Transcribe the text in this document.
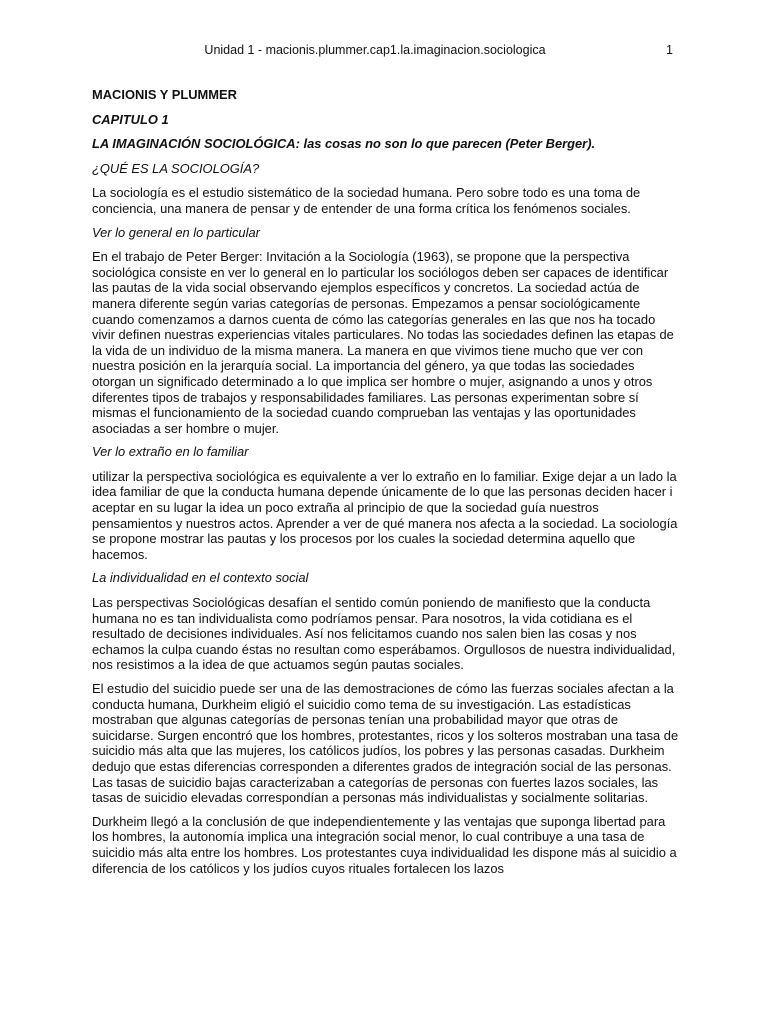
Unidad 1 - macionis.plummer.cap1.la.imaginacion.sociologica	1

MACIONIS Y PLUMMER

CAPITULO 1

LA IMAGINACIÓN SOCIOLÓGICA: las cosas no son lo que parecen (Peter Berger).

¿QUÉ ES LA SOCIOLOGÍA?

La sociología es el estudio sistemático de la sociedad humana. Pero sobre todo es una toma de conciencia, una manera de pensar y de entender de una forma crítica los fenómenos sociales.

Ver lo general en lo particular

En el trabajo de Peter Berger: Invitación a la Sociología (1963), se propone que la perspectiva sociológica consiste en ver lo general en lo particular los sociólogos deben ser capaces de identificar las pautas de la vida social observando ejemplos específicos y concretos. La sociedad actúa de manera diferente según varias categorías de personas. Empezamos a pensar sociológicamente cuando comenzamos a darnos cuenta de cómo las categorías generales en las que nos ha tocado vivir definen nuestras experiencias vitales particulares. No todas las sociedades definen las etapas de la vida de un individuo de la misma manera. La manera en que vivimos tiene mucho que ver con nuestra posición en la jerarquía social. La importancia del género, ya que todas las sociedades otorgan un significado determinado a lo que implica ser hombre o mujer, asignando a unos y otros diferentes tipos de trabajos y responsabilidades familiares. Las personas experimentan sobre sí mismas el funcionamiento de la sociedad cuando comprueban las ventajas y las oportunidades asociadas a ser hombre o mujer.

Ver lo extraño en lo familiar

utilizar la perspectiva sociológica es equivalente a ver lo extraño en lo familiar. Exige dejar a un lado la idea familiar de que la conducta humana depende únicamente de lo que las personas deciden hacer i aceptar en su lugar la idea un poco extraña al principio de que la sociedad guía nuestros pensamientos y nuestros actos. Aprender a ver de qué manera nos afecta a la sociedad. La sociología se propone mostrar las pautas y los procesos por los cuales la sociedad determina aquello que hacemos.

La individualidad en el contexto social

Las perspectivas Sociológicas desafían el sentido común poniendo de manifiesto que la conducta humana no es tan individualista como podríamos pensar. Para nosotros, la vida cotidiana es el resultado de decisiones individuales. Así nos felicitamos cuando nos salen bien las cosas y nos echamos la culpa cuando éstas no resultan como esperábamos. Orgullosos de nuestra individualidad, nos resistimos a la idea de que actuamos según pautas sociales.

El estudio del suicidio puede ser una de las demostraciones de cómo las fuerzas sociales afectan a la conducta humana, Durkheim eligió el suicidio como tema de su investigación. Las estadísticas mostraban que algunas categorías de personas tenían una probabilidad mayor que otras de suicidarse. Surgen encontró que los hombres, protestantes, ricos y los solteros mostraban una tasa de suicidio más alta que las mujeres, los católicos judíos, los pobres y las personas casadas. Durkheim dedujo que estas diferencias corresponden a diferentes grados de integración social de las personas. Las tasas de suicidio bajas caracterizaban a categorías de personas con fuertes lazos sociales, las tasas de suicidio elevadas correspondían a personas más individualistas y socialmente solitarias.

Durkheim llegó a la conclusión de que independientemente y las ventajas que suponga libertad para los hombres, la autonomía implica una integración social menor, lo cual contribuye a una tasa de suicidio más alta entre los hombres. Los protestantes cuya individualidad les dispone más al suicidio a diferencia de los católicos y los judíos cuyos rituales fortalecen los lazos
